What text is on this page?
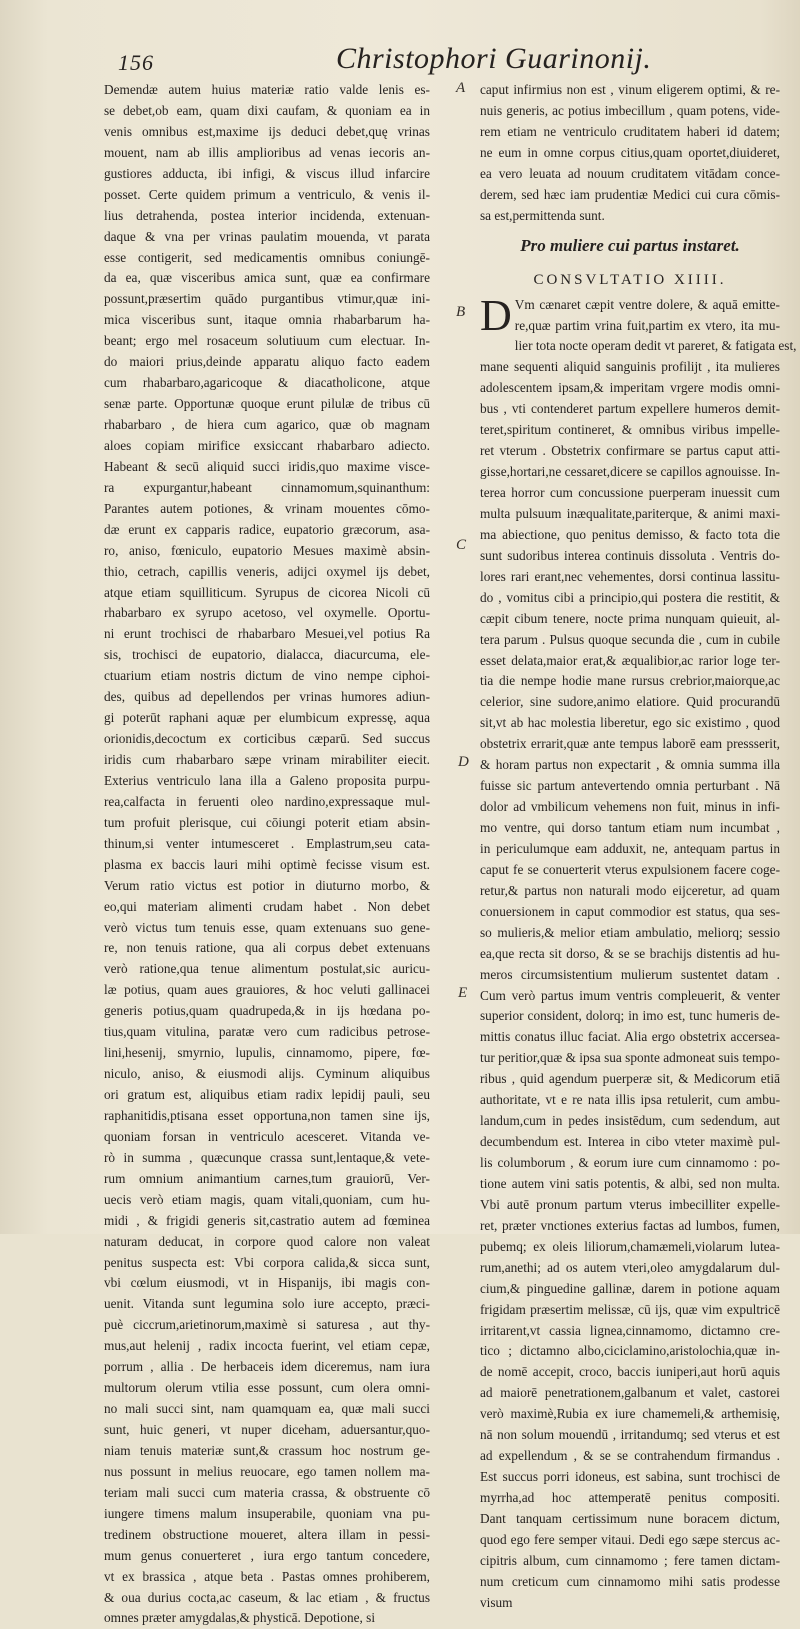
156	Christophori Guarinonij.
Demendæ autem huius materiæ ratio valde lenis es-
se debet,ob eam, quam dixi caufam, & quoniam ea in
venis omnibus est,maxime ijs deduci debet,quę vrinas
mouent, nam ab illis amplioribus ad venas iecoris an-
gustiores adducta, ibi infigi, & viscus illud infarcire
posset. Certe quidem primum a ventriculo, & venis il-
lius detrahenda, postea interior incidenda, extenuan-
daque & vna per vrinas paulatim mouenda, vt parata
esse contigerit, sed medicamentis omnibus coniungē-
da ea, quæ visceribus amica sunt, quæ ea confirmare
possunt,præsertim quādo purgantibus vtimur,quæ ini-
mica visceribus sunt, itaque omnia rhabarbarum ha-
beant; ergo mel rosaceum solutiuum cum electuar. In-
do maiori prius,deinde apparatu aliquo facto eadem
cum rhabarbaro,agaricoque & diacatholicone, atque
senæ parte. Opportunæ quoque erunt pilulæ de tribus cū
rhabarbaro , de hiera cum agarico, quæ ob magnam
aloes copiam mirifice exsiccant rhabarbaro adiecto.
Habeant & secū aliquid succi iridis,quo maxime visce-
ra expurgantur,habeant cinnamomum,squinanthum:
Parantes autem potiones, & vrinam mouentes cōmo-
dæ erunt ex capparis radice, eupatorio græcorum, asa-
ro, aniso, fœniculo, eupatorio Mesues maximè absin-
thio, cetrach, capillis veneris, adijci oxymel ijs debet,
atque etiam squilliticum. Syrupus de cicorea Nicoli cū
rhabarbaro ex syrupo acetoso, vel oxymelle. Oportu-
ni erunt trochisci de rhabarbaro Mesuei,vel potius Ra
sis, trochisci de eupatorio, dialacca, diacurcuma, ele-
ctuarium etiam nostris dictum de vino nempe ciphoi-
des, quibus ad depellendos per vrinas humores adiun-
gi poterūt raphani aquæ per elumbicum expressę, aqua
orionidis,decoctum ex corticibus cæparū. Sed succus
iridis cum rhabarbaro sæpe vrinam mirabiliter eiecit.
Exterius ventriculo lana illa a Galeno proposita purpu-
rea,calfacta in feruenti oleo nardino,expressaque mul-
tum profuit plerisque, cui cōiungi poterit etiam absin-
thinum,si venter intumesceret . Emplastrum,seu cata-
plasma ex baccis lauri mihi optimè fecisse visum est.
Verum ratio victus est potior in diuturno morbo, &
eo,qui materiam alimenti crudam habet . Non debet
verò victus tum tenuis esse, quam extenuans suo gene-
re, non tenuis ratione, qua ali corpus debet extenuans
verò ratione,qua tenue alimentum postulat,sic auricu-
læ potius, quam aues grauiores, & hoc veluti gallinacei
generis potius,quam quadrupeda,& in ijs hœdana po-
tius,quam vitulina, paratæ vero cum radicibus petrose-
lini,hesenij, smyrnio, lupulis, cinnamomo, pipere, fœ-
niculo, aniso, & eiusmodi alijs. Cyminum aliquibus
ori gratum est, aliquibus etiam radix lepidij pauli, seu
raphanitidis,ptisana esset opportuna,non tamen sine ijs,
quoniam forsan in ventriculo acesceret. Vitanda ve-
rò in summa , quæcunque crassa sunt,lentaque,& vete-
rum omnium animantium carnes,tum grauiorū, Ver-
uecis verò etiam magis, quam vitali,quoniam, cum hu-
midi , & frigidi generis sit,castratio autem ad fœminea
naturam deducat, in corpore quod calore non valeat
penitus suspecta est: Vbi corpora calida,& sicca sunt,
vbi cœlum eiusmodi, vt in Hispanijs, ibi magis con-
uenit. Vitanda sunt legumina solo iure accepto, præci-
puè ciccrum,arietinorum,maximè si saturesa , aut thy-
mus,aut helenij , radix incocta fuerint, vel etiam cepæ,
porrum , allia . De herbaceis idem diceremus, nam iura
multorum olerum vtilia esse possunt, cum olera omni-
no mali succi sint, nam quamquam ea, quæ mali succi
sunt, huic generi, vt nuper diceham, aduersantur,quo-
niam tenuis materiæ sunt,& crassum hoc nostrum ge-
nus possunt in melius reuocare, ego tamen nollem ma-
teriam mali succi cum materia crassa, & obstruente cō
iungere timens malum insuperabile, quoniam vna pu-
tredinem obstructione moueret, altera illam in pessi-
mum genus conuerteret , iura ergo tantum concedere,
vt ex brassica , atque beta . Pastas omnes prohiberem,
& oua durius cocta,ac caseum, & lac etiam , & fructus
omnes præter amygdalas,& physticā. Depotione, si
caput infirmius non est , vinum eligerem optimi, & re-
nuis generis, ac potius imbecillum , quam potens, vide-
rem etiam ne ventriculo cruditatem haberi id datem;
ne eum in omne corpus citius,quam oportet,diuideret,
ea vero leuata ad nouum cruditatem vitādam conce-
derem, sed hæc iam prudentiæ Medici cui cura cōmis-
sa est,permittenda sunt.
Pro muliere cui partus instaret.
CONSVLTATIO XIIII.
D Vm cænaret cæpit ventre dolere, & aquā emitte-
re,quæ partim vrina fuit,partim ex vtero, ita mu-
lier tota nocte operam dedit vt pareret, & fatigata est,
mane sequenti aliquid sanguinis profilijt , ita mulieres
adolescentem ipsam,& imperitam vrgere modis omni-
bus , vti contenderet partum expellere humeros demit-
teret,spiritum contineret, & omnibus viribus impelle-
ret vterum . Obstetrix confirmare se partus caput atti-
gisse,hortari,ne cessaret,dicere se capillos agnouisse. In-
terea horror cum concussione puerperam inuessit cum
multa pulsuum inæqualitate,pariterque, & animi maxi-
ma abiectione, quo penitus demisso, & facto tota die
sunt sudoribus interea continuis dissoluta . Ventris do-
lores rari erant,nec vehementes, dorsi continua lassitu-
do , vomitus cibi a principio,qui postera die restitit, &
cæpit cibum tenere, nocte prima nunquam quieuit, al-
tera parum . Pulsus quoque secunda die , cum in cubile
esset delata,maior erat,& æqualibior,ac rarior loge ter-
tia die nempe hodie mane rursus crebrior,maiorque,ac
celerior, sine sudore,animo elatiore. Quid procurandū
sit,vt ab hac molestia liberetur, ego sic existimo , quod
obstetrix errarit,quæ ante tempus laborē eam pressserit,
& horam partus non expectarit , & omnia summa illa
fuisse sic partum antevertendo omnia perturbant . Nā
dolor ad vmbilicum vehemens non fuit, minus in infi-
mo ventre, qui dorso tantum etiam num incumbat ,
in periculumque eam adduxit, ne, antequam partus in
caput fe se conuerterit vterus expulsionem facere coge-
retur,& partus non naturali modo eijceretur, ad quam
conuersionem in caput commodior est status, qua ses-
so mulieris,& melior etiam ambulatio, meliorq; sessio
ea,que recta sit dorso, & se se brachijs distentis ad hu-
meros circumsistentium mulierum sustentet datam .
Cum verò partus imum ventris compleuerit, & venter
superior consident, dolorq; in imo est, tunc humeris de-
mittis conatus illuc faciat. Alia ergo obstetrix accersea-
tur peritior,quæ & ipsa sua sponte admoneat suis tempo-
ribus , quid agendum puerperæ sit, & Medicorum etiā
authoritate, vt e re nata illis ipsa retulerit, cum ambu-
landum,cum in pedes insistēdum, cum sedendum, aut
decumbendum est. Interea in cibo vteter maximè pul-
lis columborum , & eorum iure cum cinnamomo : po-
tione autem vini satis potentis, & albi, sed non multa.
Vbi autē pronum partum vterus imbecilliter expelle-
ret, præter vnctiones exterius factas ad lumbos, fumen,
pubemq; ex oleis liliorum,chamæmeli,violarum lutea-
rum,anethi; ad os autem vteri,oleo amygdalarum dul-
cium,& pinguedine gallinæ, darem in potione aquam
frigidam præsertim melissæ, cū ijs, quæ vim expultricē
irritarent,vt cassia lignea,cinnamomo, dictamno cre-
tico ; dictamno albo,ciciclamino,aristolochia,quæ in-
de nomē accepit, croco, baccis iuniperi,aut horū aquis
ad maiorē penetrationem,galbanum et valet, castorei
verò maximè,Rubia ex iure chamemeli,& arthemisię,
nā non solum mouendū , irritandumq; sed vterus et est
ad expellendum , & se se contrahendum firmandus .
Est succus porri idoneus, est sabina, sunt trochisci de
myrrha,ad hoc attemperatē penitus compositi.
Dant tanquam certissimum nune boracem dictum,
quod ego fere semper vitaui. Dedi ego sæpe stercus ac-
cipitris album, cum cinnamomo ; fere tamen dictam-
num creticum cum cinnamomo mihi satis prodesse
visum
A
B
C
D
E
